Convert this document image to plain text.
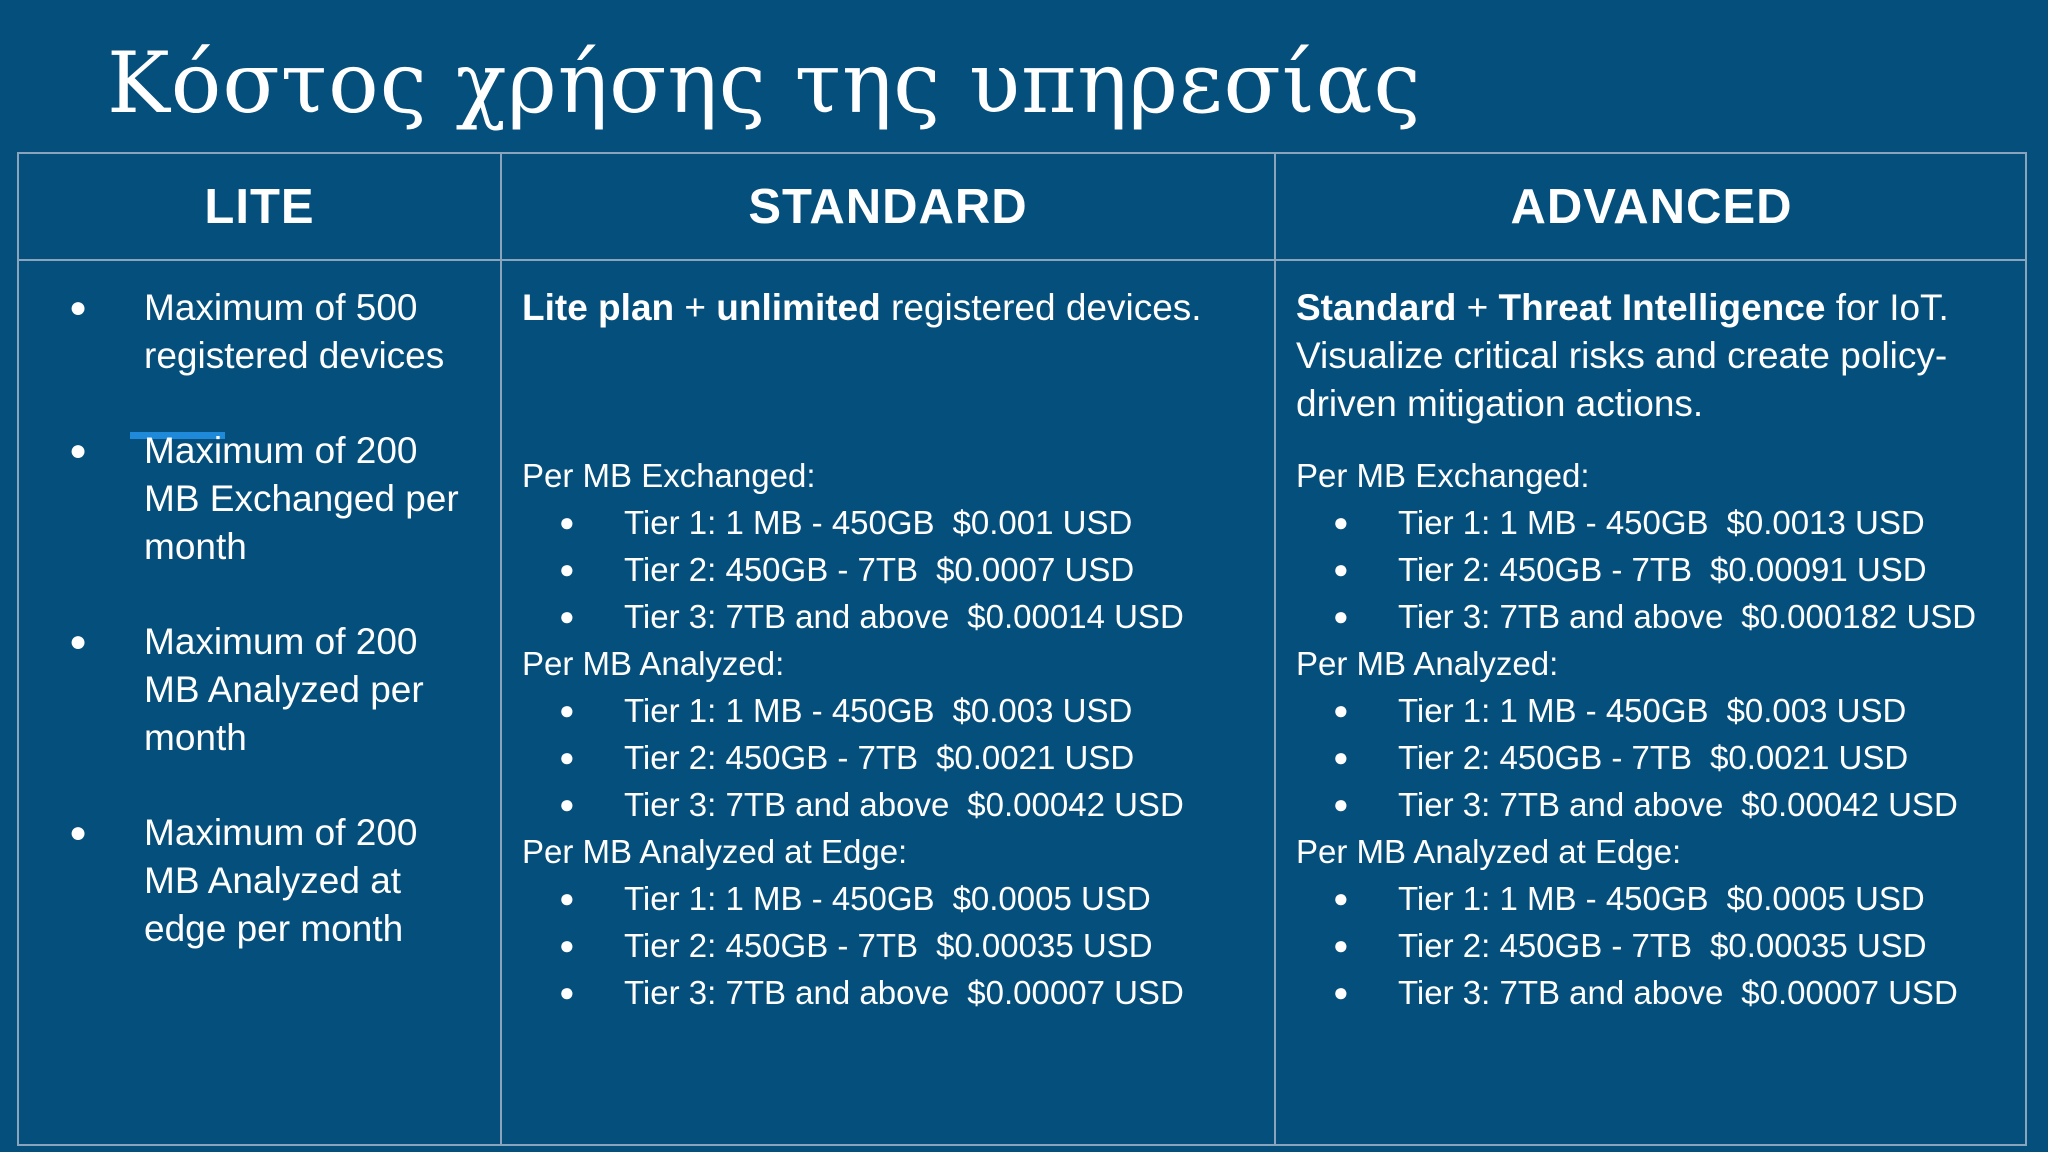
Κόστος χρήσης της υπηρεσίας
LITE	STANDARD	ADVANCED
● Maximum of 500
registered devices
● Maximum of 200
MB Exchanged per
month
● Maximum of 200
MB Analyzed per
month
● Maximum of 200
MB Analyzed at
edge per month

Lite plan + unlimited registered devices.

Per MB Exchanged:

● Tier 1: 1 MB - 450GB $0.001 USD
● Tier 2: 450GB - 7TB $0.0007 USD
● Tier 3: 7TB and above $0.00014 USD

Per MB Analyzed:

● Tier 1: 1 MB - 450GB $0.003 USD
● Tier 2: 450GB - 7TB $0.0021 USD
● Tier 3: 7TB and above $0.00042 USD

Per MB Analyzed at Edge:

● Tier 1: 1 MB - 450GB $0.0005 USD
● Tier 2: 450GB - 7TB $0.00035 USD
● Tier 3: 7TB and above $0.00007 USD

Standard + Threat Intelligence for IoT.

Visualize critical risks and create policy-

driven mitigation actions.

Per MB Exchanged:

● Tier 1: 1 MB - 450GB $0.0013 USD
● Tier 2: 450GB - 7TB $0.00091 USD
● Tier 3: 7TB and above $0.000182 USD

Per MB Analyzed:

● Tier 1: 1 MB - 450GB $0.003 USD
● Tier 2: 450GB - 7TB $0.0021 USD
● Tier 3: 7TB and above $0.00042 USD

Per MB Analyzed at Edge:

● Tier 1: 1 MB - 450GB $0.0005 USD
● Tier 2: 450GB - 7TB $0.00035 USD
● Tier 3: 7TB and above $0.00007 USD
